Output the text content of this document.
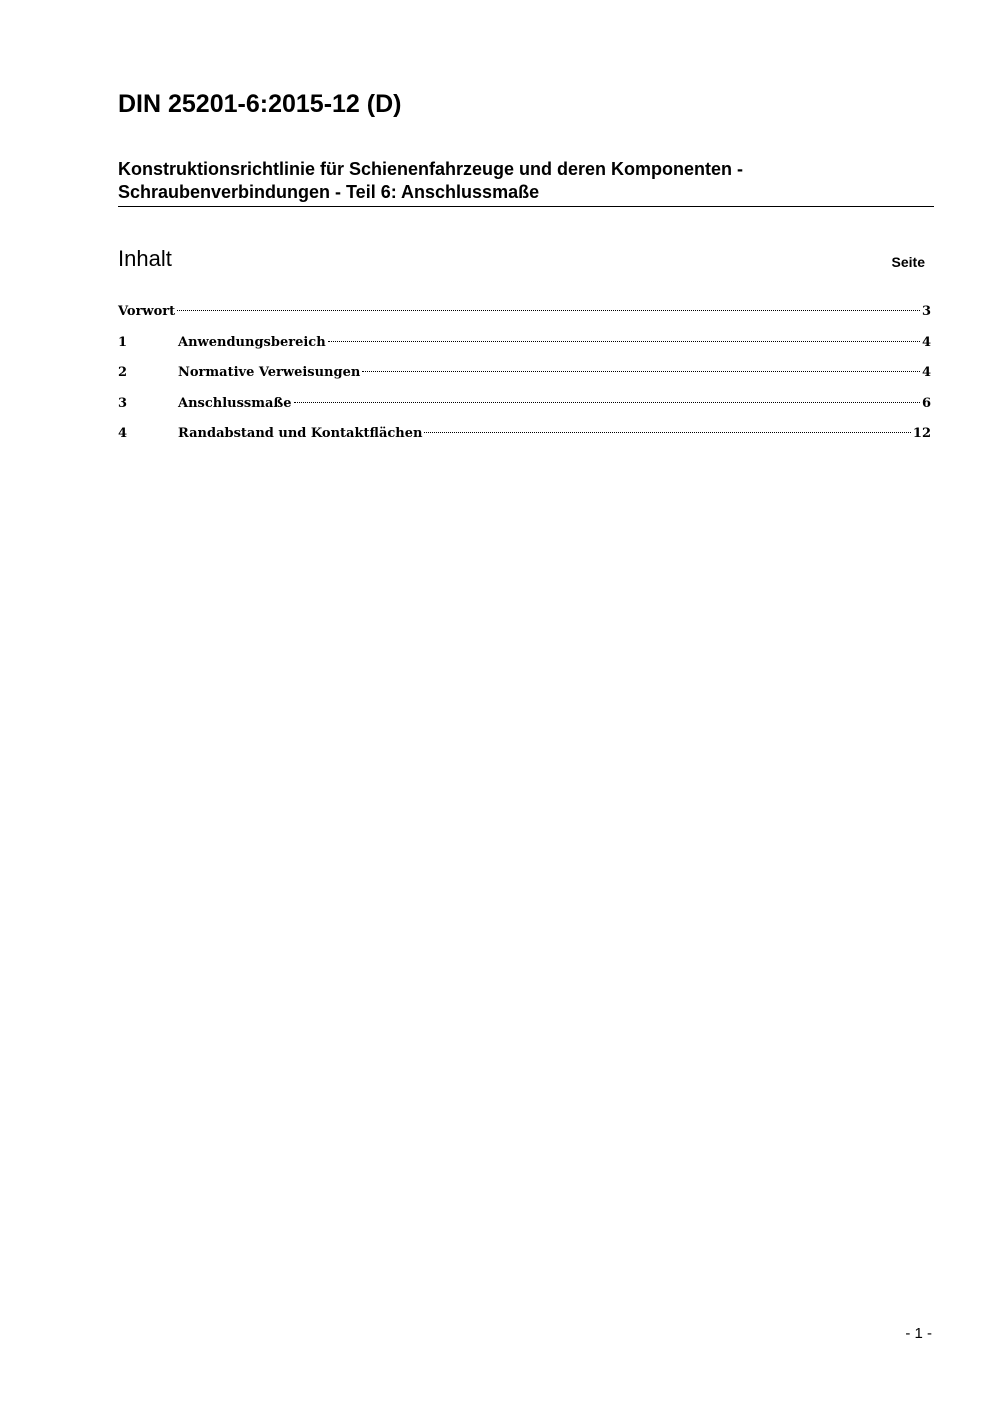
DIN 25201-6:2015-12 (D)
Konstruktionsrichtlinie für Schienenfahrzeuge und deren Komponenten -
Schraubenverbindungen - Teil 6: Anschlussmaße
Inhalt	Seite
Vorwort	3
1	Anwendungsbereich	4
2	Normative Verweisungen	4
3	Anschlussmaße	6
4	Randabstand und Kontaktflächen	12
- 1 -
